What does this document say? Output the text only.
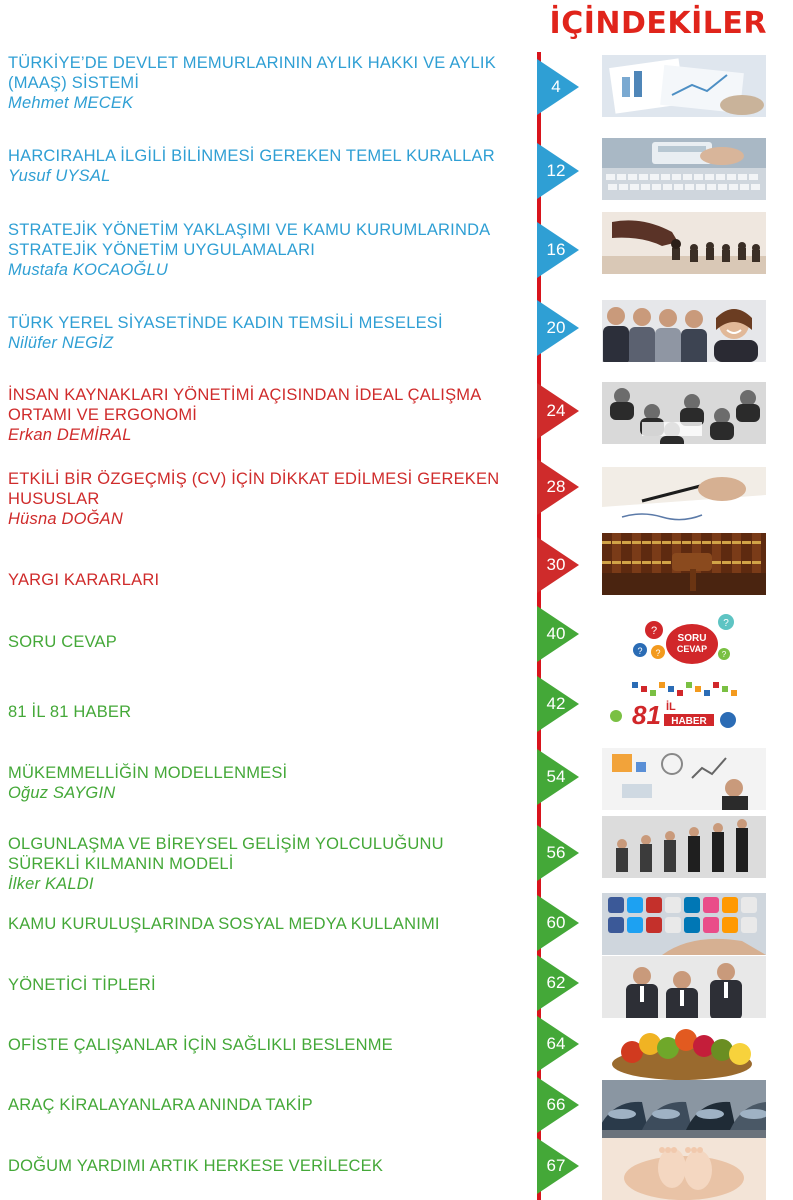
İÇİNDEKİLER
TÜRKİYE’DE DEVLET MEMURLARININ AYLIK HAKKI VE AYLIK (MAAŞ) SİSTEMİ
Mehmet MECEK
4
HARCIRAHLA İLGİLİ BİLİNMESİ GEREKEN TEMEL KURALLAR
Yusuf UYSAL	12
STRATEJİK YÖNETİM YAKLAŞIMI VE KAMU KURUMLARINDA STRATEJİK YÖNETİM UYGULAMALARI
Mustafa KOCAOĞLU
16
TÜRK YEREL SİYASETİNDE KADIN TEMSİLİ MESELESİ
Nilüfer NEGİZ
20
İNSAN KAYNAKLARI YÖNETİMİ AÇISINDAN İDEAL ÇALIŞMA ORTAMI VE ERGONOMİ
Erkan DEMİRAL
24
ETKİLİ BİR ÖZGEÇMİŞ (CV) İÇİN DİKKAT EDİLMESİ GEREKEN HUSUSLAR
Hüsna DOĞAN
28
YARGI KARARLARI
30
SORU CEVAP	40	SORU
CEVAP
?
? ?
?
?
81 İL 81 HABER	42	81 İL
HABER
MÜKEMMELLİĞİN MODELLENMESİ
Oğuz SAYGIN
54
OLGUNLAŞMA VE BİREYSEL GELİŞİM YOLCULUĞUNU SÜREKLİ KILMANIN MODELİ
İlker KALDI
56
KAMU KURULUŞLARINDA SOSYAL MEDYA KULLANIMI	60
YÖNETİCİ TİPLERİ	62
OFİSTE ÇALIŞANLAR İÇİN SAĞLIKLI BESLENME	64
ARAÇ KİRALAYANLARA ANINDA TAKİP	66
DOĞUM YARDIMI ARTIK HERKESE VERİLECEK	67
